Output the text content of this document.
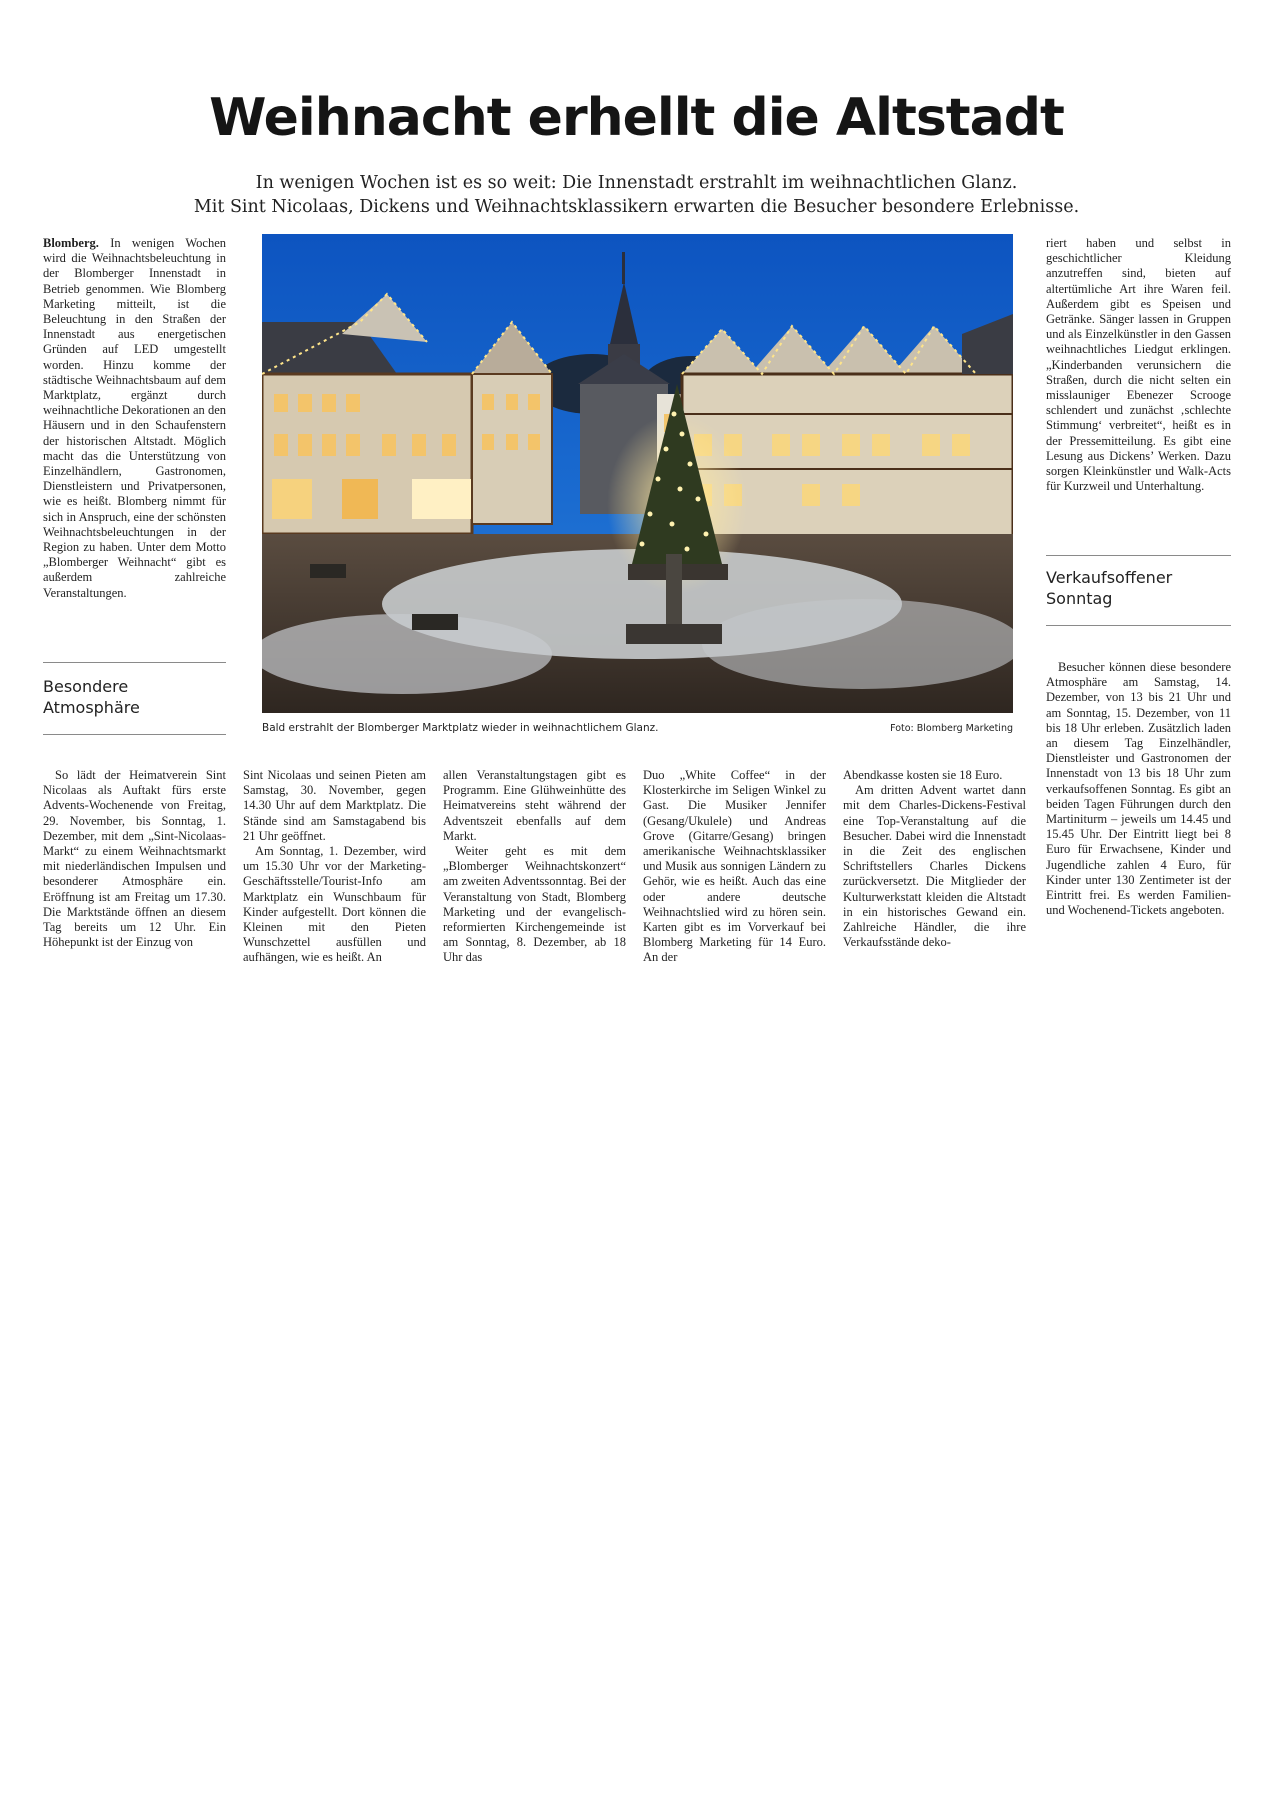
Weihnacht erhellt die Altstadt
In wenigen Wochen ist es so weit: Die Innenstadt erstrahlt im weihnachtlichen Glanz.
Mit Sint Nicolaas, Dickens und Weihnachtsklassikern erwarten die Besucher besondere Erlebnisse.

Blomberg. In wenigen Wochen wird die Weihnachtsbeleuchtung in der Blomberger Innenstadt in Betrieb genommen. Wie Blomberg Marketing mitteilt, ist die Beleuchtung in den Straßen der Innenstadt aus energetischen Gründen auf LED umgestellt worden. Hinzu komme der städtische Weihnachtsbaum auf dem Marktplatz, ergänzt durch weihnachtliche Dekorationen an den Häusern und in den Schaufenstern der historischen Altstadt. Möglich macht das die Unterstützung von Einzelhändlern, Gastronomen, Dienstleistern und Privatpersonen, wie es heißt. Blomberg nimmt für sich in Anspruch, eine der schönsten Weihnachtsbeleuchtungen in der Region zu haben. Unter dem Motto „Blomberger Weihnacht“ gibt es außerdem zahlreiche Veranstaltungen.

Besondere Atmosphäre
Bald erstrahlt der Blomberger Marktplatz wieder in weihnachtlichem Glanz.	Foto: Blomberg Marketing

riert haben und selbst in geschichtlicher Kleidung anzutreffen sind, bieten auf altertümliche Art ihre Waren feil. Außerdem gibt es Speisen und Getränke. Sänger lassen in Gruppen und als Einzelkünstler in den Gassen weihnachtliches Liedgut erklingen. „Kinderbanden verunsichern die Straßen, durch die nicht selten ein misslauniger Ebenezer Scrooge schlendert und zunächst ‚schlechte Stimmung‘ verbreitet“, heißt es in der Pressemitteilung. Es gibt eine Lesung aus Dickens’ Werken. Dazu sorgen Kleinkünstler und Walk-Acts für Kurzweil und Unterhaltung.

Verkaufsoffener Sonntag

Besucher können diese besondere Atmosphäre am Samstag, 14. Dezember, von 13 bis 21 Uhr und am Sonntag, 15. Dezember, von 11 bis 18 Uhr erleben. Zusätzlich laden an diesem Tag Einzelhändler, Dienstleister und Gastronomen der Innenstadt von 13 bis 18 Uhr zum verkaufsoffenen Sonntag. Es gibt an beiden Tagen Führungen durch den Martiniturm – jeweils um 14.45 und 15.45 Uhr. Der Eintritt liegt bei 8 Euro für Erwachsene, Kinder und Jugendliche zahlen 4 Euro, für Kinder unter 130 Zentimeter ist der Eintritt frei. Es werden Familien- und Wochenend-Tickets angeboten.

So lädt der Heimatverein Sint Nicolaas als Auftakt fürs erste Advents-Wochenende von Freitag, 29. November, bis Sonntag, 1. Dezember, mit dem „Sint-Nicolaas-Markt“ zu einem Weihnachtsmarkt mit niederländischen Impulsen und besonderer Atmosphäre ein. Eröffnung ist am Freitag um 17.30. Die Marktstände öffnen an diesem Tag bereits um 12 Uhr. Ein Höhepunkt ist der Einzug von

Sint Nicolaas und seinen Pieten am Samstag, 30. November, gegen 14.30 Uhr auf dem Marktplatz. Die Stände sind am Samstagabend bis 21 Uhr geöffnet.

Am Sonntag, 1. Dezember, wird um 15.30 Uhr vor der Marketing-Geschäftsstelle/Tourist-Info am Marktplatz ein Wunschbaum für Kinder aufgestellt. Dort können die Kleinen mit den Pieten Wunschzettel ausfüllen und aufhängen, wie es heißt. An

allen Veranstaltungstagen gibt es Programm. Eine Glühweinhütte des Heimatvereins steht während der Adventszeit ebenfalls auf dem Markt.

Weiter geht es mit dem „Blomberger Weihnachtskonzert“ am zweiten Adventssonntag. Bei der Veranstaltung von Stadt, Blomberg Marketing und der evangelisch-reformierten Kirchengemeinde ist am Sonntag, 8. Dezember, ab 18 Uhr das

Duo „White Coffee“ in der Klosterkirche im Seligen Winkel zu Gast. Die Musiker Jennifer (Gesang/Ukulele) und Andreas Grove (Gitarre/Gesang) bringen amerikanische Weihnachtsklassiker und Musik aus sonnigen Ländern zu Gehör, wie es heißt. Auch das eine oder andere deutsche Weihnachtslied wird zu hören sein. Karten gibt es im Vorverkauf bei Blomberg Marketing für 14 Euro. An der

Abendkasse kosten sie 18 Euro.

Am dritten Advent wartet dann mit dem Charles-Dickens-Festival eine Top-Veranstaltung auf die Besucher. Dabei wird die Innenstadt in die Zeit des englischen Schriftstellers Charles Dickens zurückversetzt. Die Mitglieder der Kulturwerkstatt kleiden die Altstadt in ein historisches Gewand ein. Zahlreiche Händler, die ihre Verkaufsstände deko-
